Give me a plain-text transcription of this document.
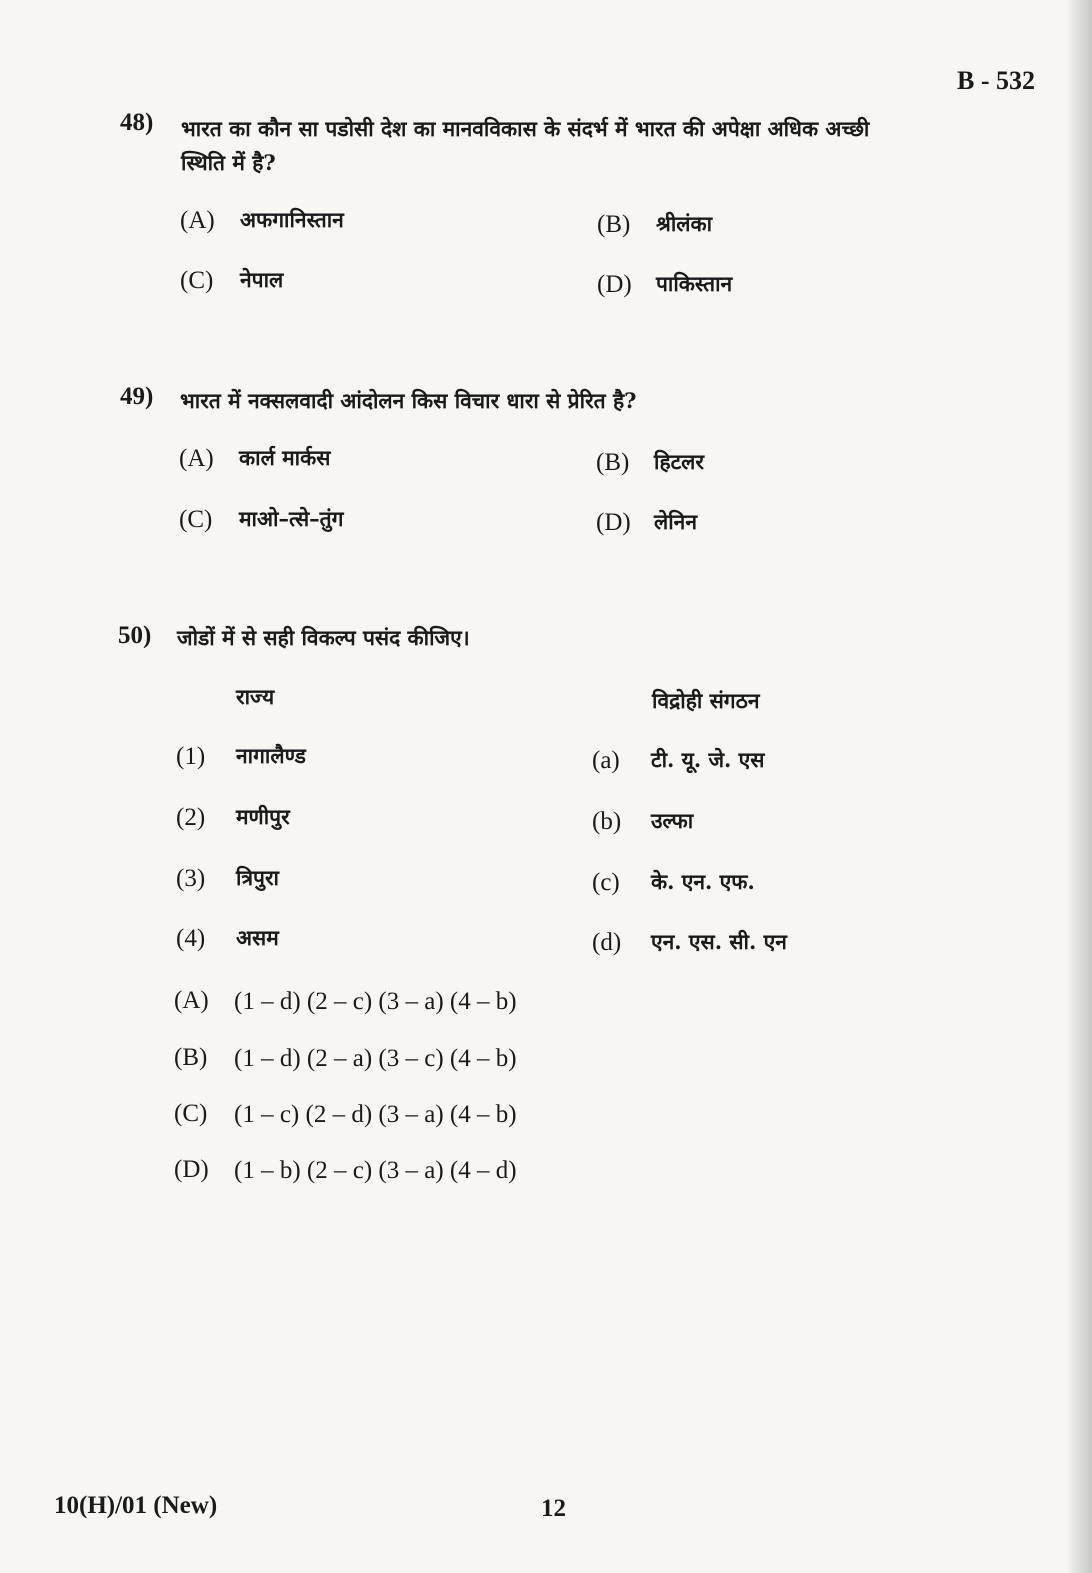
B - 532
48) भारत का कौन सा पडोसी देश का मानवविकास के संदर्भ में भारत की अपेक्षा अधिक अच्छी
स्थिति में है?
(A) अफगानिस्तान	(B) श्रीलंका
(C) नेपाल	(D) पाकिस्तान
49) भारत में नक्सलवादी आंदोलन किस विचार धारा से प्रेरित है?
(A) कार्ल मार्कस	(B) हिटलर
(C) माओ–त्से–तुंग	(D) लेनिन
50) जोडों में से सही विकल्प पसंद कीजिए।
राज्य	विद्रोही संगठन
(1) नागालैण्ड	(a) टी. यू. जे. एस
(2) मणीपुर	(b) उल्फा
(3) त्रिपुरा	(c) के. एन. एफ.
(4) असम	(d) एन. एस. सी. एन
(A) (1 – d) (2 – c) (3 – a) (4 – b)
(B) (1 – d) (2 – a) (3 – c) (4 – b)
(C) (1 – c) (2 – d) (3 – a) (4 – b)
(D) (1 – b) (2 – c) (3 – a) (4 – d)
10(H)/01 (New)	12
